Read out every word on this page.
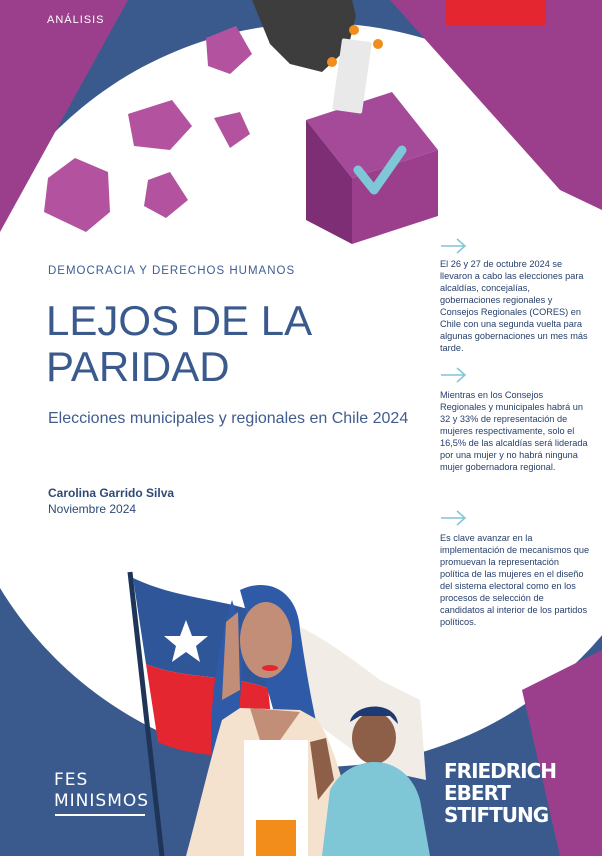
ANÁLISIS
DEMOCRACIA Y DERECHOS HUMANOS
LEJOS DE LA
PARIDAD
Elecciones municipales y regionales en Chile 2024
Carolina Garrido Silva
Noviembre 2024
El 26 y 27 de octubre 2024 se llevaron a cabo las elecciones para alcaldías, concejalías, gobernaciones regionales y Consejos Regionales (CORES) en Chile con una segunda vuelta para algunas gobernaciones un mes más tarde.
Mientras en los Consejos Regionales y municipales habrá un 32 y 33% de representación de mujeres respectivamente, solo el 16,5% de las alcaldías será liderada por una mujer y no habrá ninguna mujer gobernadora regional.
Es clave avanzar en la implementación de mecanismos que promuevan la representación política de las mujeres en el diseño del sistema electoral como en los procesos de selección de candidatos al interior de los partidos políticos.
FES
MINISMOS
FRIEDRICH
EBERT
STIFTUNG
